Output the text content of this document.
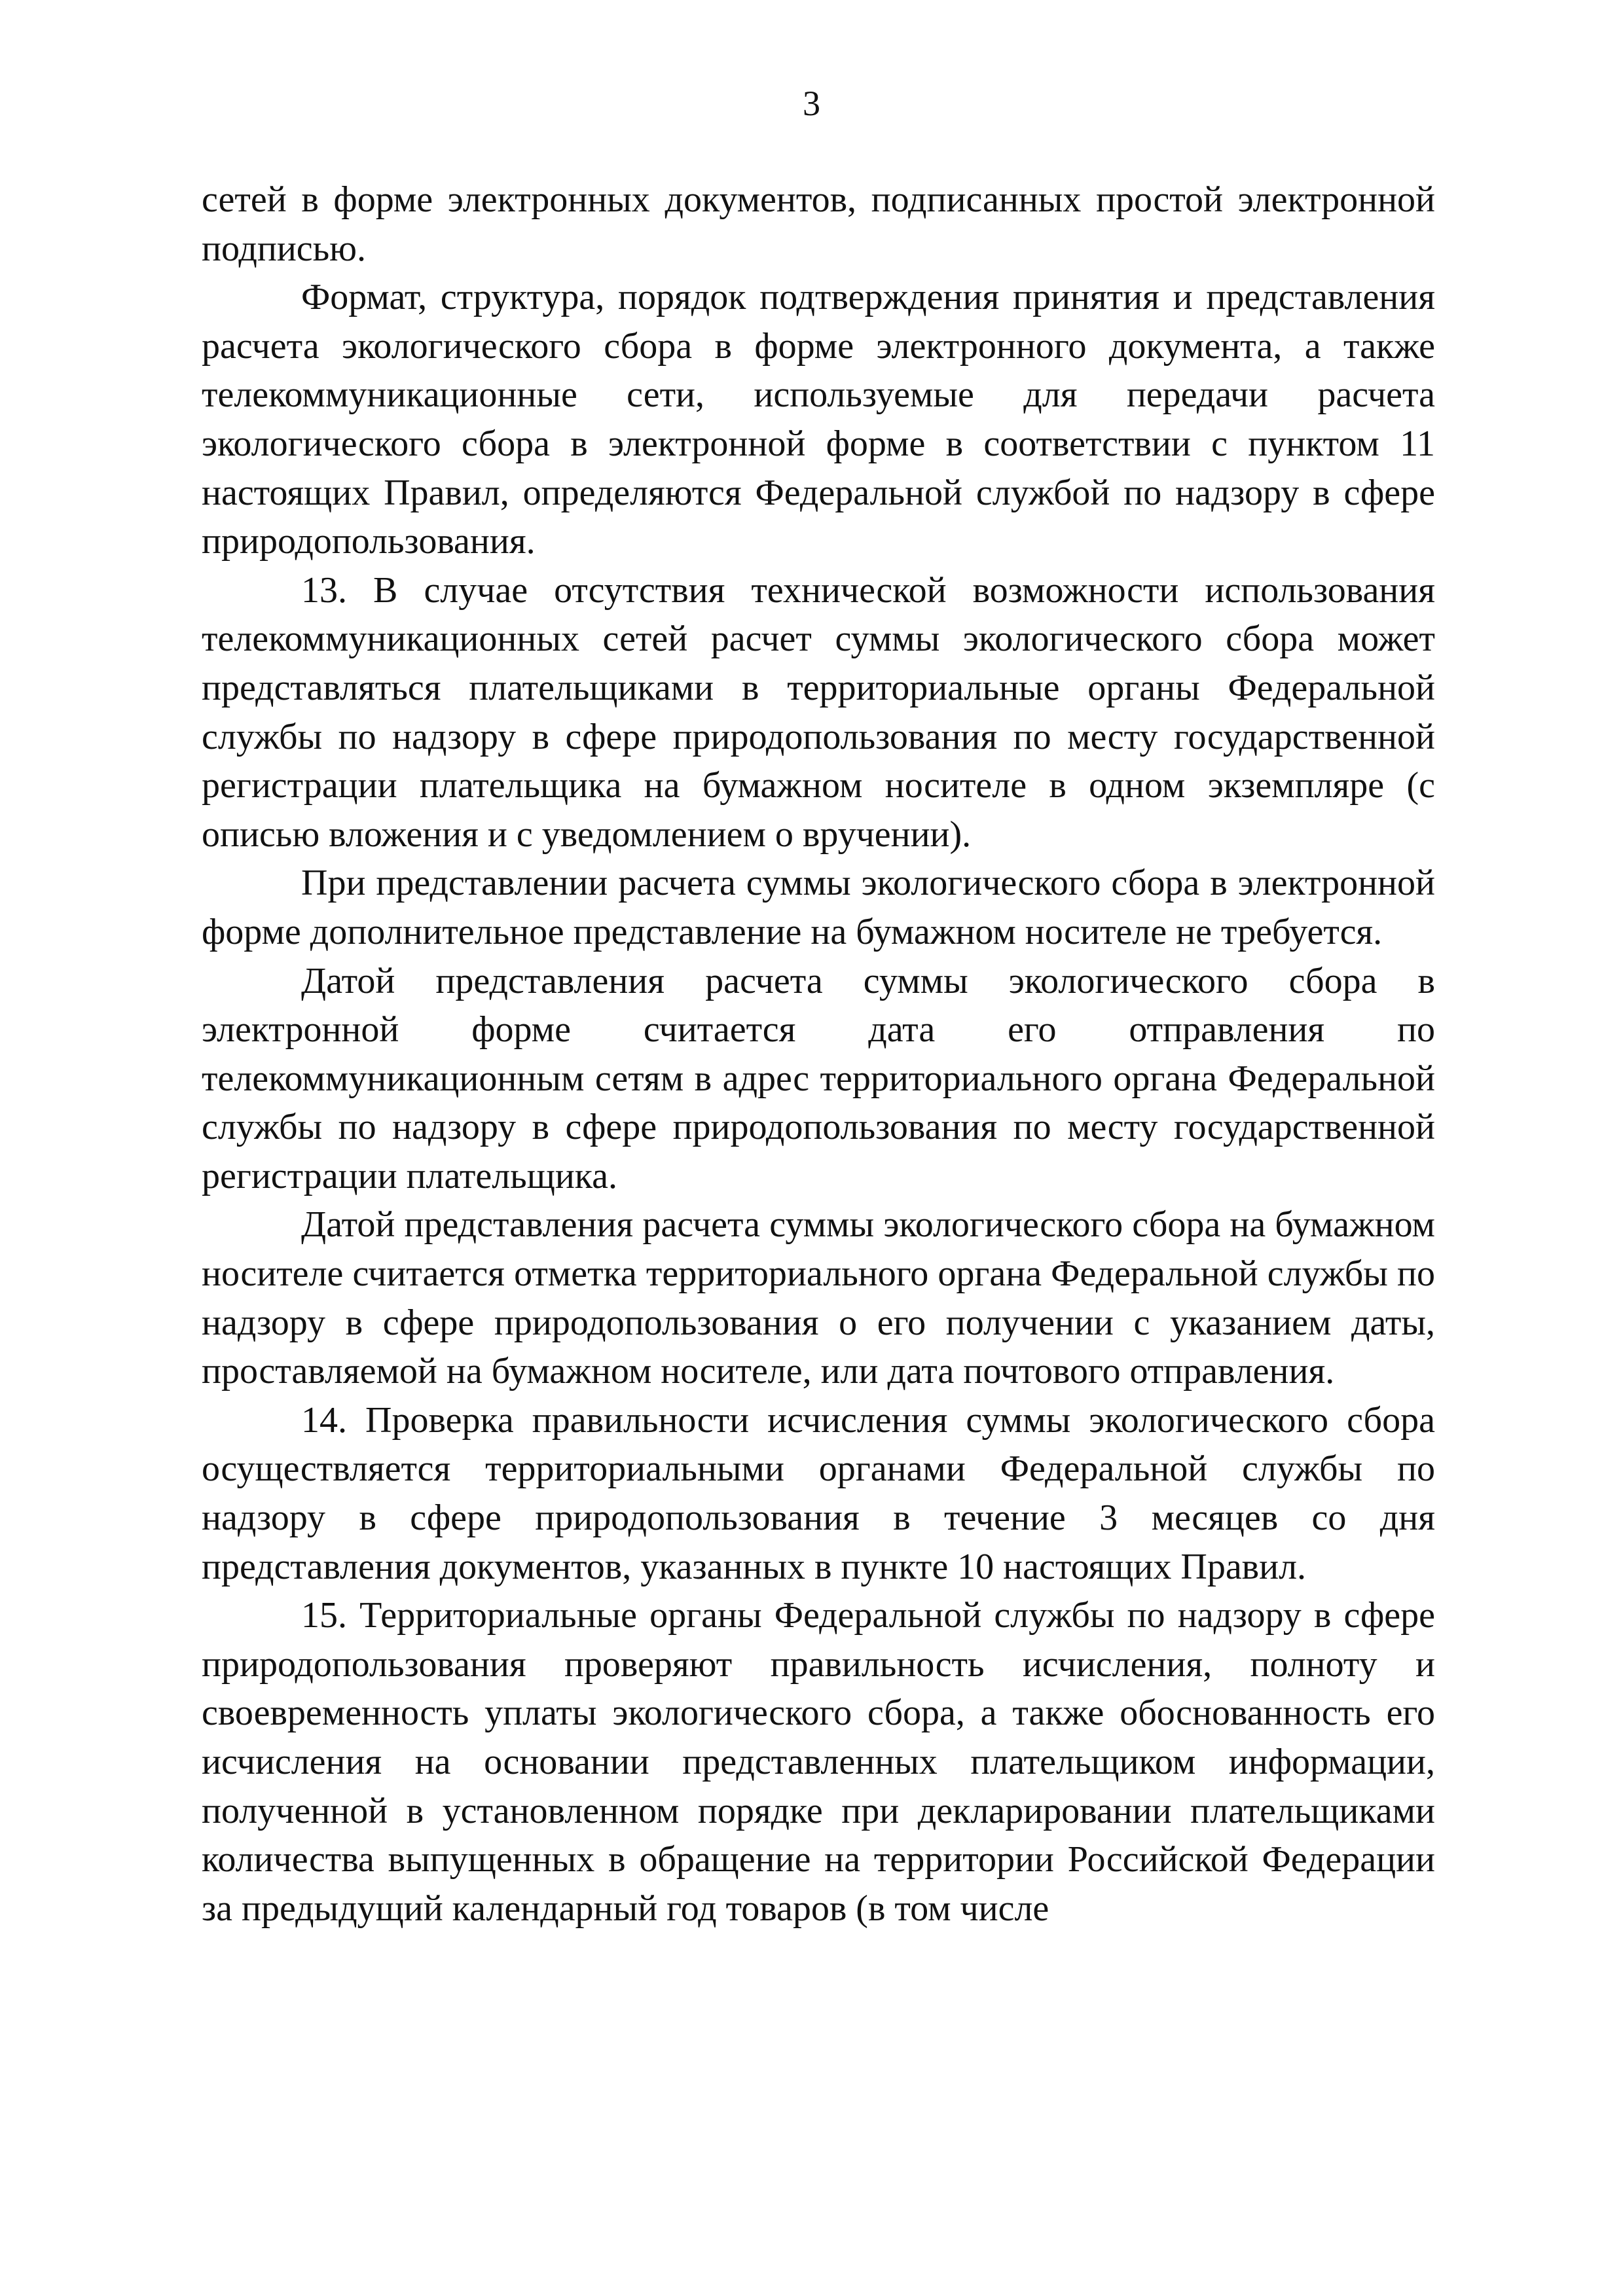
3

сетей в форме электронных документов, подписанных простой электронной подписью.

Формат, структура, порядок подтверждения принятия и представления расчета экологического сбора в форме электронного документа, а также телекоммуникационные сети, используемые для передачи расчета экологического сбора в электронной форме в соответствии с пунктом 11 настоящих Правил, определяются Федеральной службой по надзору в сфере природопользования.

13. В случае отсутствия технической возможности использования телекоммуникационных сетей расчет суммы экологического сбора может представляться плательщиками в территориальные органы Федеральной службы по надзору в сфере природопользования по месту государственной регистрации плательщика на бумажном носителе в одном экземпляре (с описью вложения и с уведомлением о вручении).

При представлении расчета суммы экологического сбора в электронной форме дополнительное представление на бумажном носителе не требуется.

Датой представления расчета суммы экологического сбора в электронной форме считается дата его отправления по телекоммуникационным сетям в адрес территориального органа Федеральной службы по надзору в сфере природопользования по месту государственной регистрации плательщика.

Датой представления расчета суммы экологического сбора на бумажном носителе считается отметка территориального органа Федеральной службы по надзору в сфере природопользования о его получении с указанием даты, проставляемой на бумажном носителе, или дата почтового отправления.

14. Проверка правильности исчисления суммы экологического сбора осуществляется территориальными органами Федеральной службы по надзору в сфере природопользования в течение 3 месяцев со дня представления документов, указанных в пункте 10 настоящих Правил.

15. Территориальные органы Федеральной службы по надзору в сфере природопользования проверяют правильность исчисления, полноту и своевременность уплаты экологического сбора, а также обоснованность его исчисления на основании представленных плательщиком информации, полученной в установленном порядке при декларировании плательщиками количества выпущенных в обращение на территории Российской Федерации за предыдущий календарный год товаров (в том числе
